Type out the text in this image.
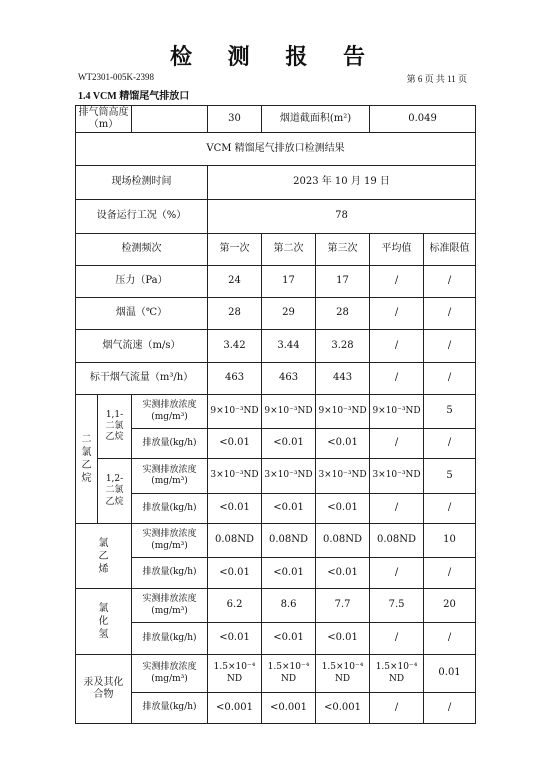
检 测 报 告
WT2301-005K-2398	第 6 页 共 11 页
1.4 VCM 精馏尾气排放口
排气筒高度（m）			30	烟道截面积(m²)		0.049	
VCM 精馏尾气排放口检测结果							
现场检测时间			2023 年 10 月 19 日				
设备运行工况（%）			78				
检测频次			第一次	第二次	第三次	平均值	标准限值
压力（Pa）			24	17	17	/	/
烟温（℃）			28	29	28	/	/
烟气流速（m/s）			3.42	3.44	3.28	/	/
标干烟气流量（m³/h）			463	463	443	/	/
二氯乙烷	1,1-二氯乙烷	实测排放浓度(mg/m³)	9×10⁻³ND	9×10⁻³ND	9×10⁻³ND	9×10⁻³ND	5
		排放量(kg/h)	<0.01	<0.01	<0.01	/	/
	1,2-二氯乙烷	实测排放浓度(mg/m³)	3×10⁻³ND	3×10⁻³ND	3×10⁻³ND	3×10⁻³ND	5
		排放量(kg/h)	<0.01	<0.01	<0.01	/	/
氯乙烯		实测排放浓度(mg/m³)	0.08ND	0.08ND	0.08ND	0.08ND	10
		排放量(kg/h)	<0.01	<0.01	<0.01	/	/
氯化氢		实测排放浓度(mg/m³)	6.2	8.6	7.7	7.5	20
		排放量(kg/h)	<0.01	<0.01	<0.01	/	/
汞及其化合物		实测排放浓度(mg/m³)	1.5×10⁻⁴ ND	1.5×10⁻⁴ ND	1.5×10⁻⁴ ND	1.5×10⁻⁴ ND	0.01
		排放量(kg/h)	<0.001	<0.001	<0.001	/	/
